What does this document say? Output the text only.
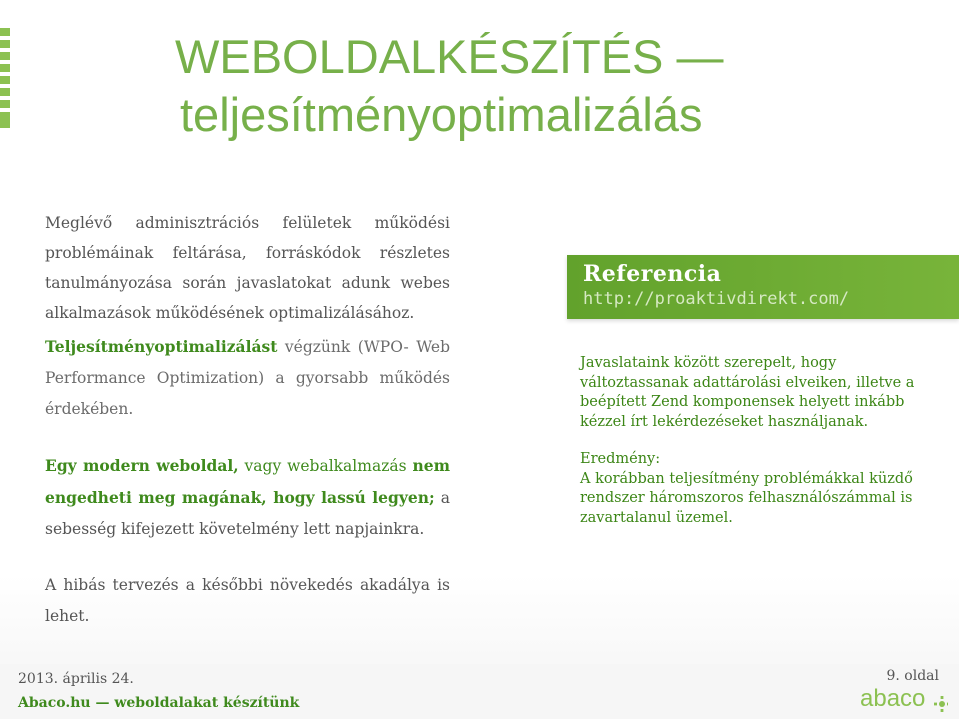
WEBOLDALKÉSZÍTÉS —
teljesítményoptimalizálás

Meglévő adminisztrációs felületek működési problémáinak feltárása, forráskódok részletes tanulmányozása során javaslatokat adunk webes alkalmazások működésének optimalizálásához.

Teljesítményoptimalizálást végzünk (WPO- Web Performance Optimization) a gyorsabb működés érdekében.

Egy modern weboldal, vagy webalkalmazás nem engedheti meg magának, hogy lassú legyen; a sebesség kifejezett követelmény lett napjainkra.

A hibás tervezés a későbbi növekedés akadálya is lehet.

Referencia
http://proaktivdirekt.com/

Javaslataink között szerepelt, hogy változtassanak adattárolási elveiken, illetve a beépített Zend komponensek helyett inkább kézzel írt lekérdezéseket használjanak.

Eredmény:

A korábban teljesítmény problémákkal küzdő rendszer háromszoros felhasználószámmal is zavartalanul üzemel.

2013. április 24.
Abaco.hu — weboldalakat készítünk
9. oldal
abaco
